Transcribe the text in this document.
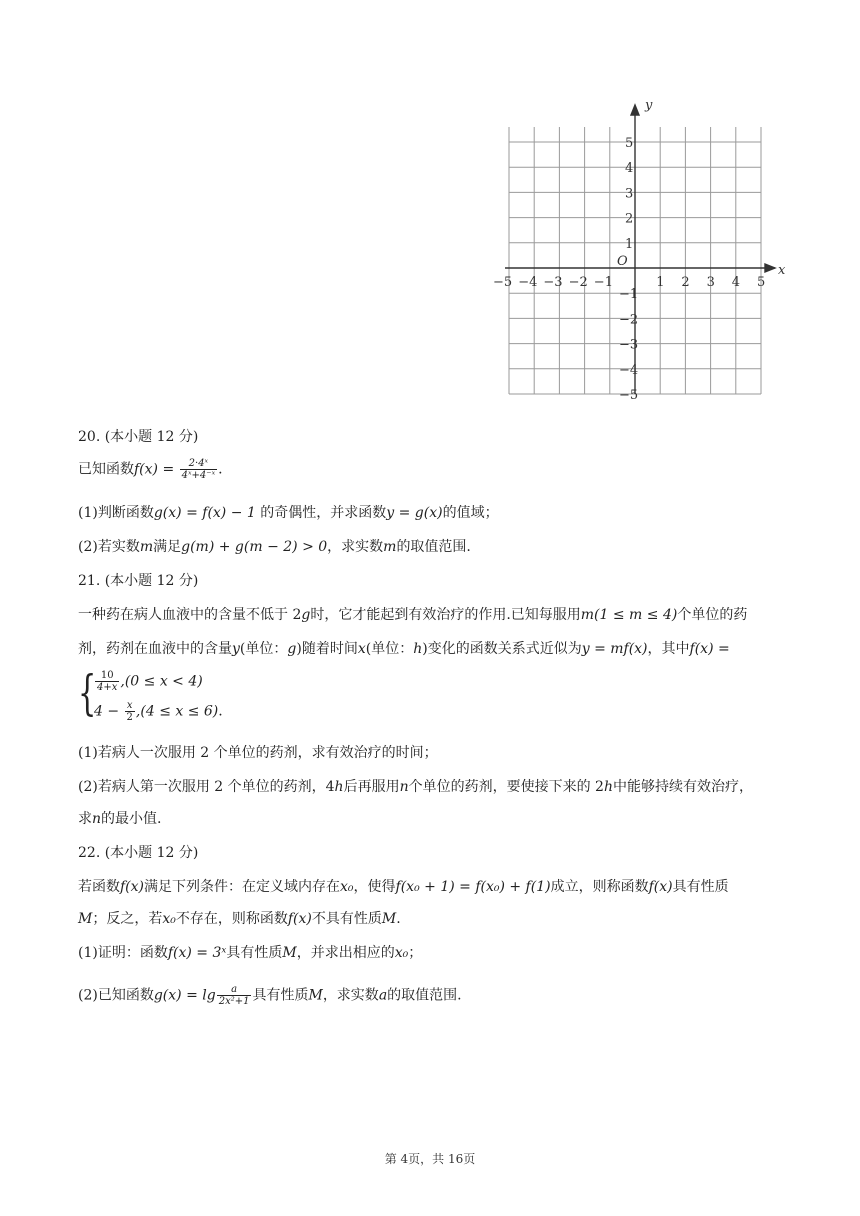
−5 −4 −3 −2 −1	1 2 3 4 5
5
4
3
2
1
−1
−2
−3
−4
−5
O
x
y
20. (本小题 12 分)
已知函数$f(x) = \frac{\text{2·4ˣ}}{\text{4ˣ+4⁻ˣ}}$ .
(1)判断函数g(x) = f(x) − 1 的奇偶性，并求函数y = g(x)的值域；
(2)若实数m满足g(m) + g(m − 2) > 0，求实数m的取值范围.
21. (本小题 12 分)
一种药在病人血液中的含量不低于 2g时，它才能起到有效治疗的作用.已知每服用m(1 ≤ m ≤ 4)个单位的药
剂，药剂在血液中的含量y(单位：g)随着时间x(单位：h)变化的函数关系式近似为y = mf(x)，其中f(x) =
{
$\frac{10}{4+x} ,(0 \le x < 4)$
$4 - \frac{x}{2} ,(4 \le x \le 6)$.
(1)若病人一次服用 2 个单位的药剂，求有效治疗的时间；
(2)若病人第一次服用 2 个单位的药剂，4h后再服用n个单位的药剂，要使接下来的 2h中能够持续有效治疗，
求n的最小值.
22. (本小题 12 分)
若函数f(x)满足下列条件：在定义域内存在x₀，使得f(x₀ + 1) = f(x₀) + f(1)成立，则称函数f(x)具有性质
M；反之，若x₀不存在，则称函数f(x)不具有性质M.
(1)证明：函数f(x) = 3ˣ具有性质M，并求出相应的x₀；
(2)已知函数$g(x) = \lg \frac{a}{\text{2x²+1}}$ 具有性质M，求实数a的取值范围.
第 4页，共 16页
